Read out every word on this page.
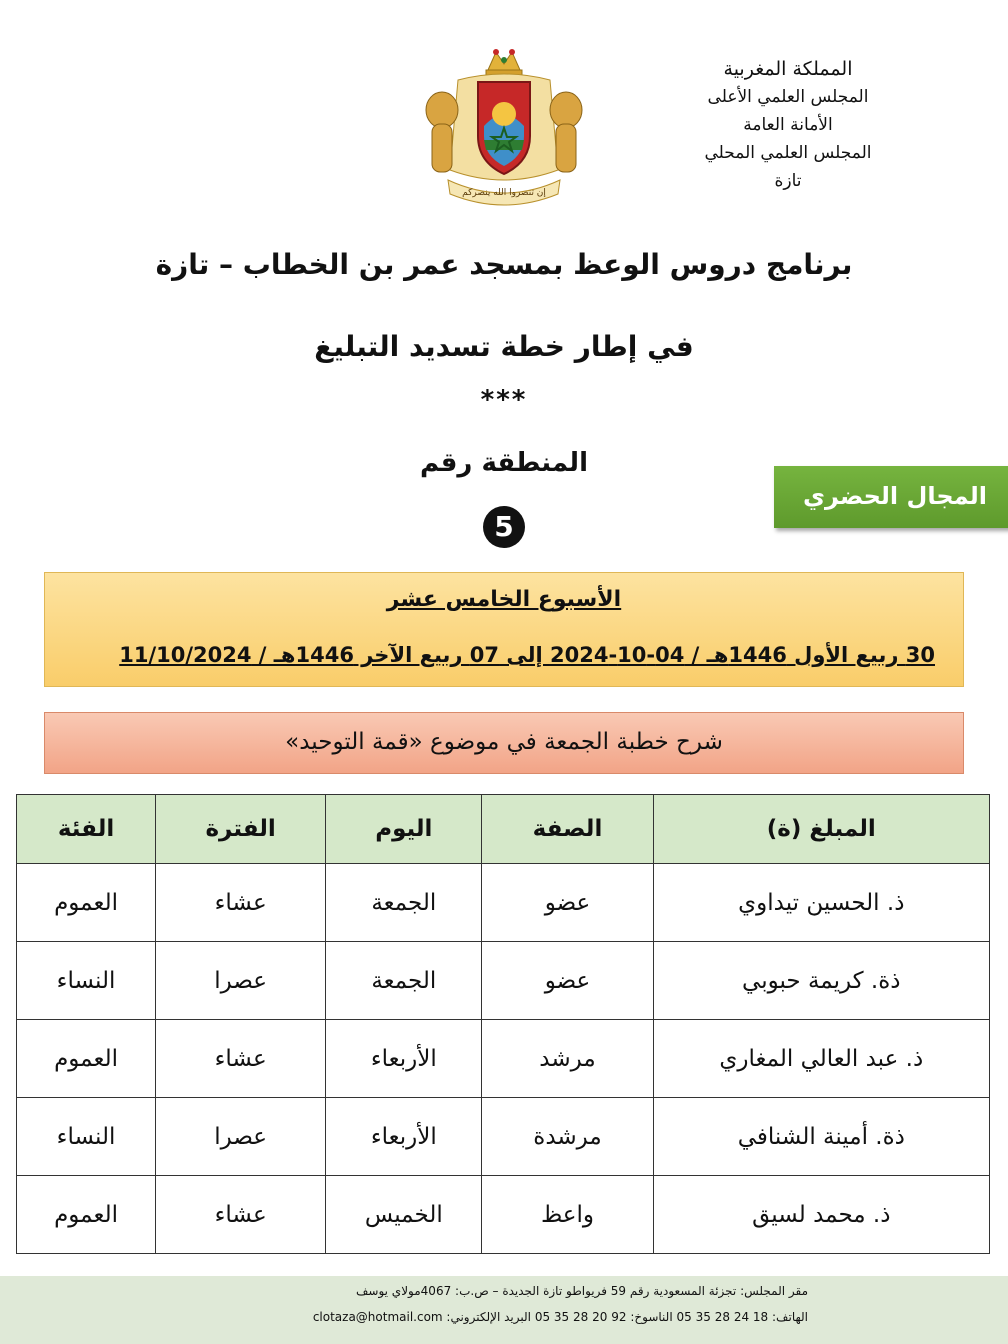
المملكة المغربية
المجلس العلمي الأعلى
الأمانة العامة
المجلس العلمي المحلي
تازة
إن تنصروا الله ينصركم
برنامج دروس الوعظ بمسجد عمر بن الخطاب – تازة
في إطار خطة تسديد التبليغ
***
المنطقة رقم
5
المجال الحضري
الأسبوع الخامس عشر
30 ربيع الأول 1446هـ / 04-10-2024 إلى 07 ربيع الآخر 1446هـ / 11/10/2024
شرح خطبة الجمعة في موضوع «قمة التوحيد»
المبلغ (ة)	الصفة	اليوم	الفترة	الفئة
ذ. الحسين تيداوي	عضو	الجمعة	عشاء	العموم
ذة. كريمة حبوبي	عضو	الجمعة	عصرا	النساء
ذ. عبد العالي المغاري	مرشد	الأربعاء	عشاء	العموم
ذة. أمينة الشنافي	مرشدة	الأربعاء	عصرا	النساء
ذ. محمد لسيق	واعظ	الخميس	عشاء	العموم
مقر المجلس: تجزئة المسعودية رقم 59 فريواطو تازة الجديدة – ص.ب: 4067مولاي يوسف
الهاتف: 18 24 28 35 05 الناسوخ: 92 20 28 35 05 البريد الإلكتروني: clotaza@hotmail.com
